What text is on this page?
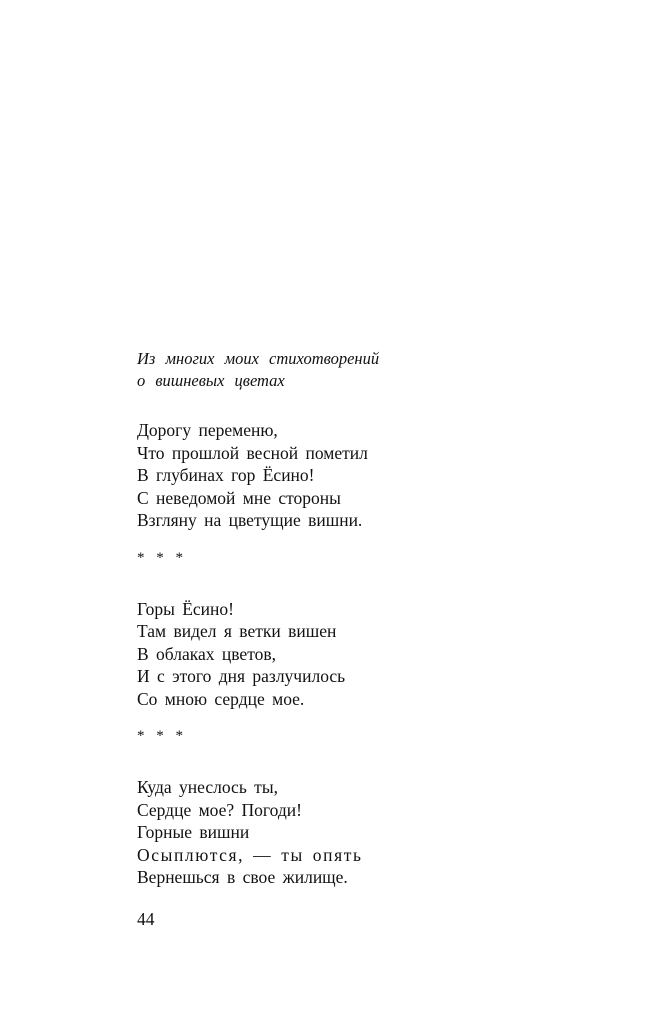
Из многих моих стихотворений
о вишневых цветах
Дорогу переменю,
Что прошлой весной пометил
В глубинах гор Ёсино!
С неведомой мне стороны
Взгляну на цветущие вишни.
* * *
Горы Ёсино!
Там видел я ветки вишен
В облаках цветов,
И с этого дня разлучилось
Со мною сердце мое.
* * *
Куда унеслось ты,
Сердце мое? Погоди!
Горные вишни
Осыплются, — ты опять
Вернешься в свое жилище.
44
